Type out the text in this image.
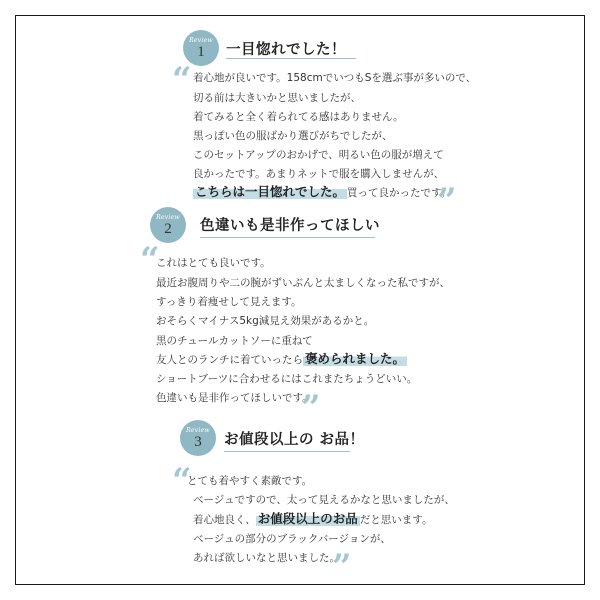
Review
1	一目惚れでした！
“ 着心地が良いです。158cmでいつもSを選ぶ事が多いので、
切る前は大きいかと思いましたが、
着てみると全く着られてる感はありません。
黒っぽい色の服ばかり選びがちでしたが、
このセットアップのおかげで、明るい色の服が増えて
良かったです。あまりネットで服を購入しませんが、
こちらは一目惚れでした。 買って良かったです。
”
Review
2	色違いも是非作ってほしい
“
これはとても良いです。
最近お腹周りや二の腕がずいぶんと太ましくなった私ですが、
すっきり着痩せして見えます。
おそらくマイナス5kg減見え効果があるかと。
黒のチュールカットソーに重ねて
友人とのランチに着ていったら 褒められました。
ショートブーツに合わせるにはこれまたちょうどいい。
色違いも是非作ってほしいです。
”
Review
3	お値段以上の お品！
“
とても着やすく素敵です。
ベージュですので、太って見えるかなと思いましたが、
着心地良く、 お値段以上のお品 だと思います。
ベージュの部分のブラックバージョンが、
あれば欲しいなと思いました。
”
